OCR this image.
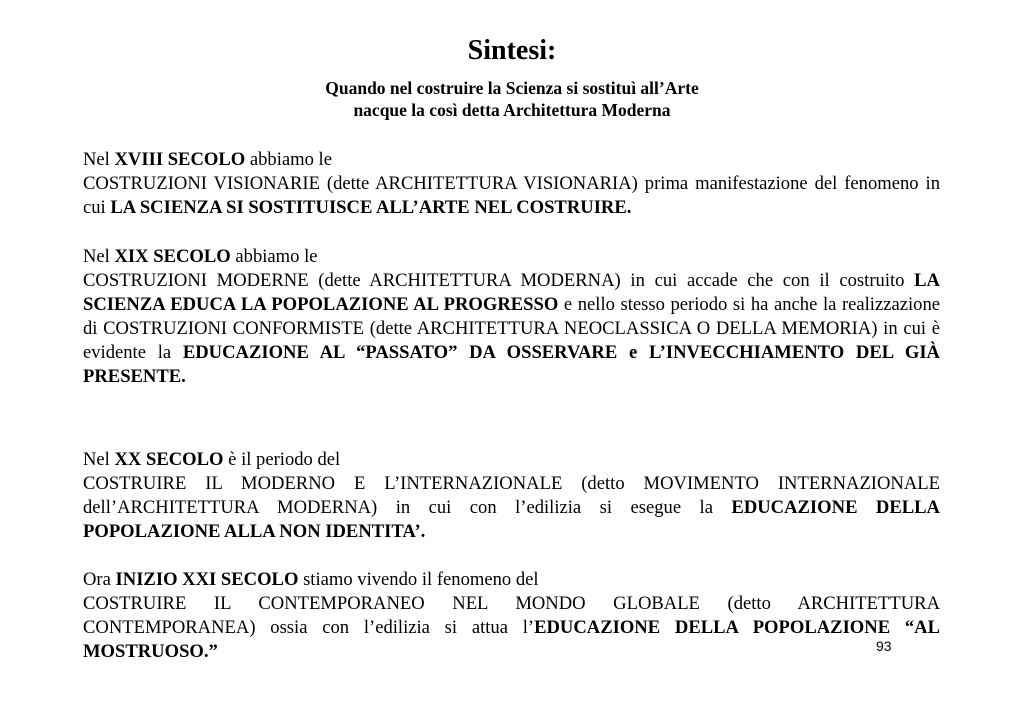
Sintesi:
Quando nel costruire la Scienza si sostituì all’Arte
nacque la così detta Architettura Moderna
Nel XVIII SECOLO abbiamo le
COSTRUZIONI VISIONARIE (dette ARCHITETTURA VISIONARIA) prima manifestazione del fenomeno in cui LA SCIENZA SI SOSTITUISCE ALL’ARTE NEL COSTRUIRE.
Nel XIX SECOLO abbiamo le
COSTRUZIONI MODERNE (dette ARCHITETTURA MODERNA) in cui accade che con il costruito LA SCIENZA EDUCA LA POPOLAZIONE AL PROGRESSO e nello stesso periodo si ha anche la realizzazione di COSTRUZIONI CONFORMISTE (dette ARCHITETTURA NEOCLASSICA O DELLA MEMORIA) in cui è evidente la EDUCAZIONE AL “PASSATO” DA OSSERVARE e L’INVECCHIAMENTO DEL GIÀ PRESENTE.
Nel XX SECOLO è il periodo del
COSTRUIRE IL MODERNO E L’INTERNAZIONALE (detto MOVIMENTO INTERNAZIONALE dell’ARCHITETTURA MODERNA) in cui con l’edilizia si esegue la EDUCAZIONE DELLA POPOLAZIONE ALLA NON IDENTITA’.
Ora INIZIO XXI SECOLO stiamo vivendo il fenomeno del
COSTRUIRE IL CONTEMPORANEO NEL MONDO GLOBALE (detto ARCHITETTURA CONTEMPORANEA) ossia con l’edilizia si attua l’EDUCAZIONE DELLA POPOLAZIONE “AL MOSTRUOSO.”	93
